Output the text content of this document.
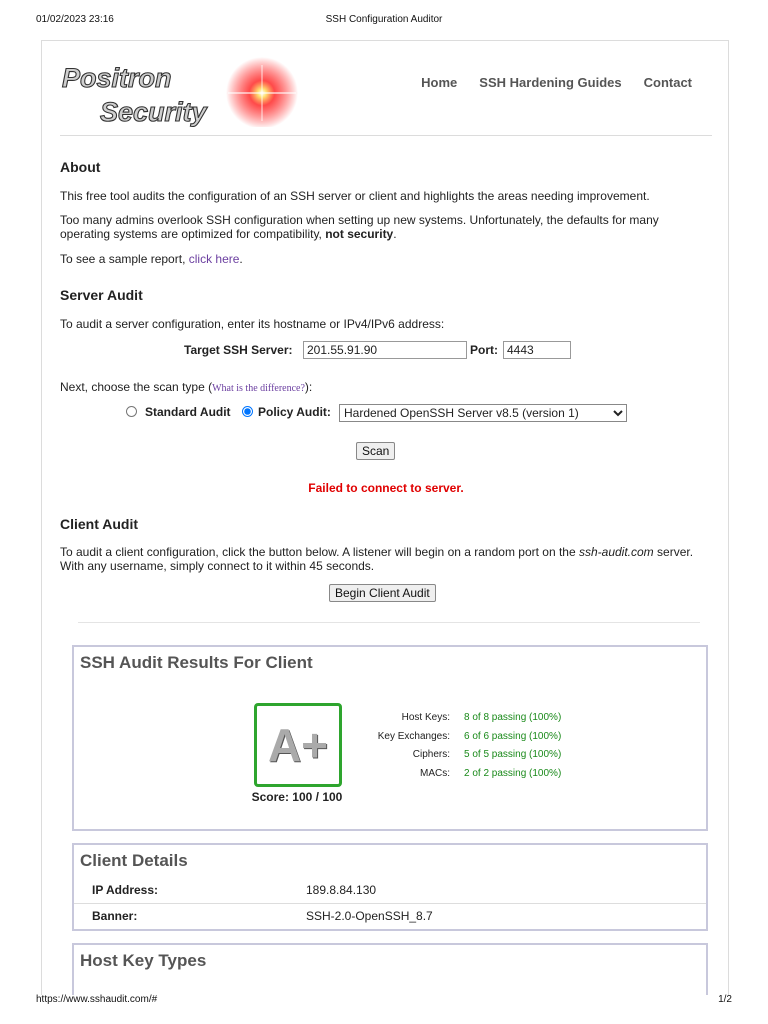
01/02/2023 23:16	SSH Configuration Auditor
Positron
Security
Home SSH Hardening Guides Contact
About

This free tool audits the configuration of an SSH server or client and highlights the areas needing improvement.

Too many admins overlook SSH configuration when setting up new systems. Unfortunately, the defaults for many operating systems are optimized for compatibility, not security.

To see a sample report, click here.

Server Audit

To audit a server configuration, enter its hostname or IPv4/IPv6 address:

Target SSH Server:
201.55.91.90	Port:
4443

Next, choose the scan type (What is the difference?):

Standard Audit Policy Audit:
Hardened OpenSSH Server v8.5 (version 1)
Scan
Failed to connect to server.
Client Audit

To audit a client configuration, click the button below. A listener will begin on a random port on the ssh-audit.com server.
With any username, simply connect to it within 45 seconds.

Begin Client Audit
SSH Audit Results For Client
A+
Score: 100 / 100
Host Keys: 8 of 8 passing (100%)
Key Exchanges: 6 of 6 passing (100%)
Ciphers: 5 of 5 passing (100%)
MACs: 2 of 2 passing (100%)
Client Details
IP Address:	189.8.84.130
Banner:	SSH-2.0-OpenSSH_8.7
Host Key Types
https://www.sshaudit.com/#	1/2
